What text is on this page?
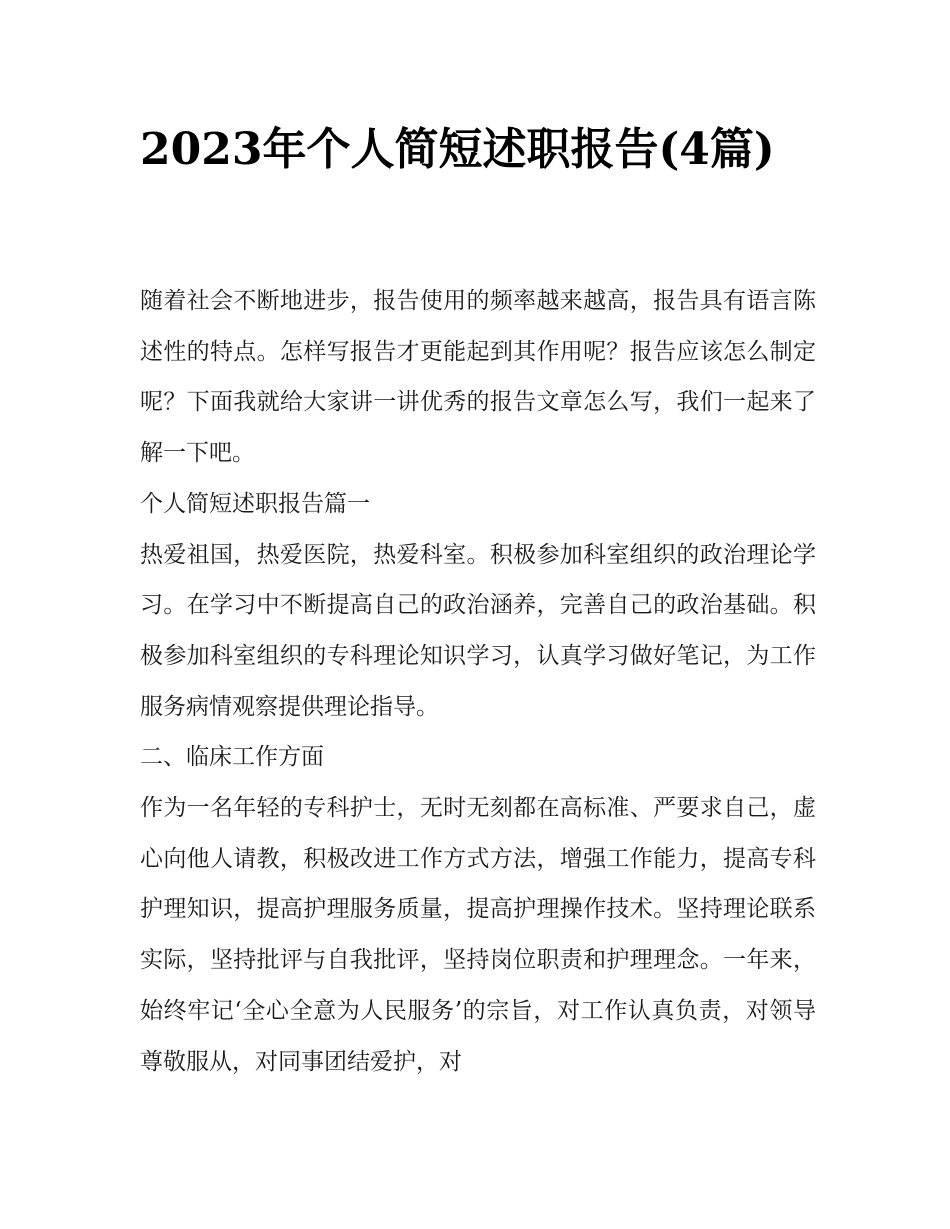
2023年个人简短述职报告(4篇)

随着社会不断地进步，报告使用的频率越来越高，报告具有语言陈述性的特点。怎样写报告才更能起到其作用呢？报告应该怎么制定呢？下面我就给大家讲一讲优秀的报告文章怎么写，我们一起来了解一下吧。

个人简短述职报告篇一

热爱祖国，热爱医院，热爱科室。积极参加科室组织的政治理论学习。在学习中不断提高自己的政治涵养，完善自己的政治基础。积极参加科室组织的专科理论知识学习，认真学习做好笔记，为工作服务病情观察提供理论指导。

二、临床工作方面

作为一名年轻的专科护士，无时无刻都在高标准、严要求自己，虚心向他人请教，积极改进工作方式方法，增强工作能力，提高专科护理知识，提高护理服务质量，提高护理操作技术。坚持理论联系实际，坚持批评与自我批评，坚持岗位职责和护理理念。一年来，始终牢记‘全心全意为人民服务’的宗旨，对工作认真负责，对领导尊敬服从，对同事团结爱护，对
